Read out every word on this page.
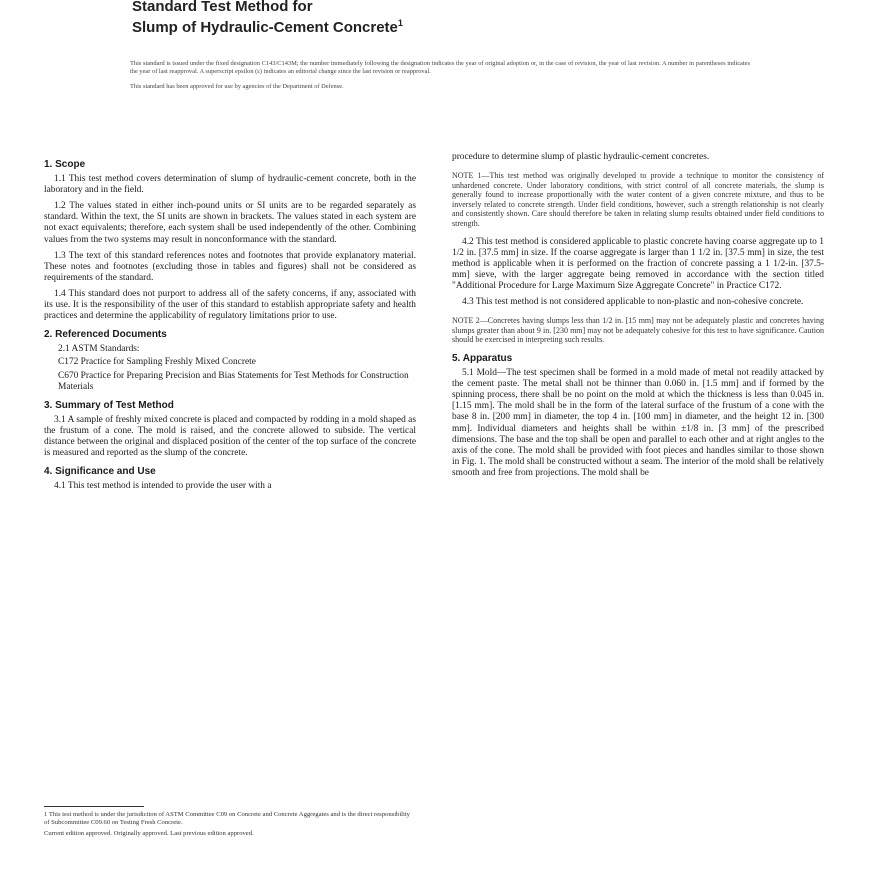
Standard Test Method for
Slump of Hydraulic-Cement Concrete$^1$

This standard is issued under the fixed designation C143/C143M; the number immediately following the designation indicates the year of original adoption or, in the case of revision, the year of last revision. A number in parentheses indicates the year of last reapproval. A superscript epsilon (ε) indicates an editorial change since the last revision or reapproval.

This standard has been approved for use by agencies of the Department of Defense.

1. Scope

1.1 This test method covers determination of slump of hydraulic-cement concrete, both in the laboratory and in the field.

1.2 The values stated in either inch-pound units or SI units are to be regarded separately as standard. Within the text, the SI units are shown in brackets. The values stated in each system are not exact equivalents; therefore, each system shall be used independently of the other. Combining values from the two systems may result in nonconformance with the standard.

1.3 The text of this standard references notes and footnotes that provide explanatory material. These notes and footnotes (excluding those in tables and figures) shall not be considered as requirements of the standard.

1.4 This standard does not purport to address all of the safety concerns, if any, associated with its use. It is the responsibility of the user of this standard to establish appropriate safety and health practices and determine the applicability of regulatory limitations prior to use.

2. Referenced Documents

2.1 ASTM Standards:

C172 Practice for Sampling Freshly Mixed Concrete

C670 Practice for Preparing Precision and Bias Statements for Test Methods for Construction Materials

3. Summary of Test Method

3.1 A sample of freshly mixed concrete is placed and compacted by rodding in a mold shaped as the frustum of a cone. The mold is raised, and the concrete allowed to subside. The vertical distance between the original and displaced position of the center of the top surface of the concrete is measured and reported as the slump of the concrete.

4. Significance and Use

4.1 This test method is intended to provide the user with a

procedure to determine slump of plastic hydraulic-cement concretes.

NOTE 1—This test method was originally developed to provide a technique to monitor the consistency of unhardened concrete. Under laboratory conditions, with strict control of all concrete materials, the slump is generally found to increase proportionally with the water content of a given concrete mixture, and thus to be inversely related to concrete strength. Under field conditions, however, such a strength relationship is not clearly and consistently shown. Care should therefore be taken in relating slump results obtained under field conditions to strength.

4.2 This test method is considered applicable to plastic concrete having coarse aggregate up to 1 1/2 in. [37.5 mm] in size. If the coarse aggregate is larger than 1 1/2 in. [37.5 mm] in size, the test method is applicable when it is performed on the fraction of concrete passing a 1 1/2-in. [37.5-mm] sieve, with the larger aggregate being removed in accordance with the section titled "Additional Procedure for Large Maximum Size Aggregate Concrete" in Practice C172.

4.3 This test method is not considered applicable to non-plastic and non-cohesive concrete.

NOTE 2—Concretes having slumps less than 1/2 in. [15 mm] may not be adequately plastic and concretes having slumps greater than about 9 in. [230 mm] may not be adequately cohesive for this test to have significance. Caution should be exercised in interpreting such results.

5. Apparatus

5.1 Mold—The test specimen shall be formed in a mold made of metal not readily attacked by the cement paste. The metal shall not be thinner than 0.060 in. [1.5 mm] and if formed by the spinning process, there shall be no point on the mold at which the thickness is less than 0.045 in. [1.15 mm]. The mold shall be in the form of the lateral surface of the frustum of a cone with the base 8 in. [200 mm] in diameter, the top 4 in. [100 mm] in diameter, and the height 12 in. [300 mm]. Individual diameters and heights shall be within ±1/8 in. [3 mm] of the prescribed dimensions. The base and the top shall be open and parallel to each other and at right angles to the axis of the cone. The mold shall be provided with foot pieces and handles similar to those shown in Fig. 1. The mold shall be constructed without a seam. The interior of the mold shall be relatively smooth and free from projections. The mold shall be

1 This test method is under the jurisdiction of ASTM Committee C09 on Concrete and Concrete Aggregates and is the direct responsibility of Subcommittee C09.60 on Testing Fresh Concrete.

Current edition approved. Originally approved. Last previous edition approved.
